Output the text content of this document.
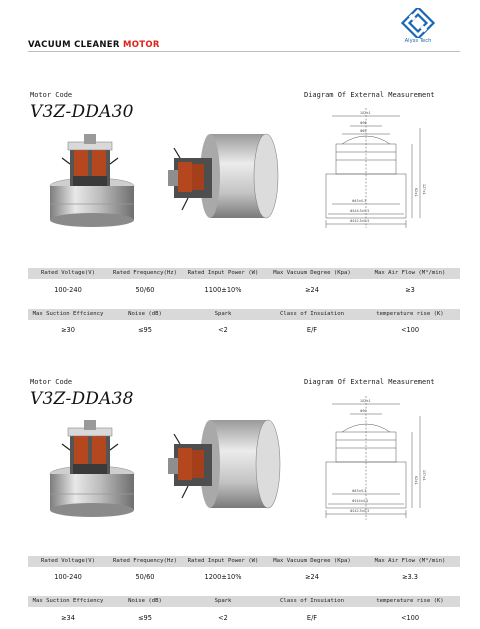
VACUUM CLEANER MOTOR	Alyss Tech
Motor Code	Diagram Of External Measurement
V3Z-DDA30	102±1
Φ36
Φ63
127±1
62±1
Φ43±0.3
Φ144.5±0.5
Φ142.5±0.5
Rated Voltage(V)	Rated Frequency(Hz)	Rated Input Power (W)	Max Vacuum Degree (Kpa)	Max Air Flow (M³/min)
100-240	50/60	1100±10%	≥24	≥3
Max Suction Effciency	Noise (dB)	Spark	Class of Insuiation	temperature rise (K)
≥30	≤95	<2	E/F	<100
Motor Code	Diagram Of External Measurement
V3Z-DDA38	102±1
Φ30
137±1
62±1
Φ43±0.3
Φ144±0.5
Φ142.5±0.5
Rated Voltage(V)	Rated Frequency(Hz)	Rated Input Power (W)	Max Vacuum Degree (Kpa)	Max Air Flow (M³/min)
100-240	50/60	1200±10%	≥24	≥3.3
Max Suction Effciency	Noise (dB)	Spark	Class of Insuiation	temperature rise (K)
≥34	≤95	<2	E/F	<100
